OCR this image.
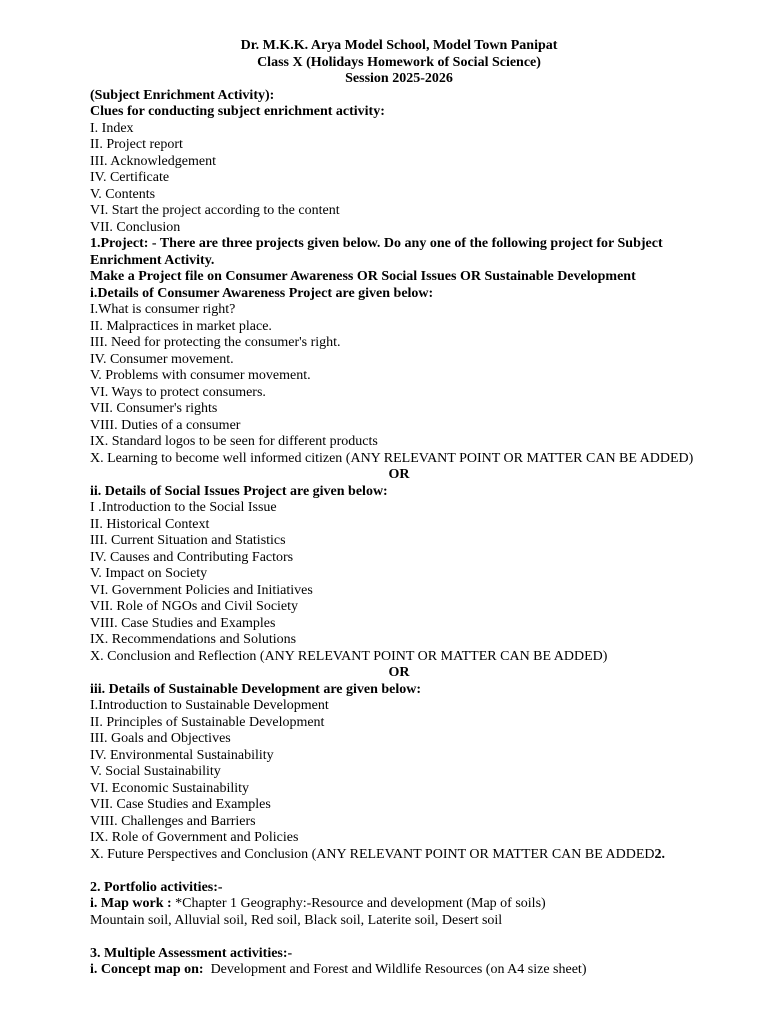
Dr. M.K.K. Arya Model School, Model Town Panipat
Class X (Holidays Homework of Social Science)
Session 2025-2026
(Subject Enrichment Activity):
Clues for conducting subject enrichment activity:
I. Index
II. Project report
III. Acknowledgement
IV. Certificate
V. Contents
VI. Start the project according to the content
VII. Conclusion
1.Project: - There are three projects given below. Do any one of the following project for Subject Enrichment Activity.
Make a Project file on Consumer Awareness OR Social Issues OR Sustainable Development
i.Details of Consumer Awareness Project are given below:
I.What is consumer right?
II. Malpractices in market place.
III. Need for protecting the consumer's right.
IV. Consumer movement.
V. Problems with consumer movement.
VI. Ways to protect consumers.
VII. Consumer's rights
VIII. Duties of a consumer
IX. Standard logos to be seen for different products
X. Learning to become well informed citizen (ANY RELEVANT POINT OR MATTER CAN BE ADDED)
OR
ii. Details of Social Issues Project are given below:
I .Introduction to the Social Issue
II. Historical Context
III. Current Situation and Statistics
IV. Causes and Contributing Factors
V. Impact on Society
VI. Government Policies and Initiatives
VII. Role of NGOs and Civil Society
VIII. Case Studies and Examples
IX. Recommendations and Solutions
X. Conclusion and Reflection (ANY RELEVANT POINT OR MATTER CAN BE ADDED)
OR
iii. Details of Sustainable Development are given below:
I.Introduction to Sustainable Development
II. Principles of Sustainable Development
III. Goals and Objectives
IV. Environmental Sustainability
V. Social Sustainability
VI. Economic Sustainability
VII. Case Studies and Examples
VIII. Challenges and Barriers
IX. Role of Government and Policies
X. Future Perspectives and Conclusion (ANY RELEVANT POINT OR MATTER CAN BE ADDED2.
2. Portfolio activities:-
i. Map work : *Chapter 1 Geography:-Resource and development (Map of soils)
Mountain soil, Alluvial soil, Red soil, Black soil, Laterite soil, Desert soil
3. Multiple Assessment activities:-
i. Concept map on:  Development and Forest and Wildlife Resources (on A4 size sheet)
